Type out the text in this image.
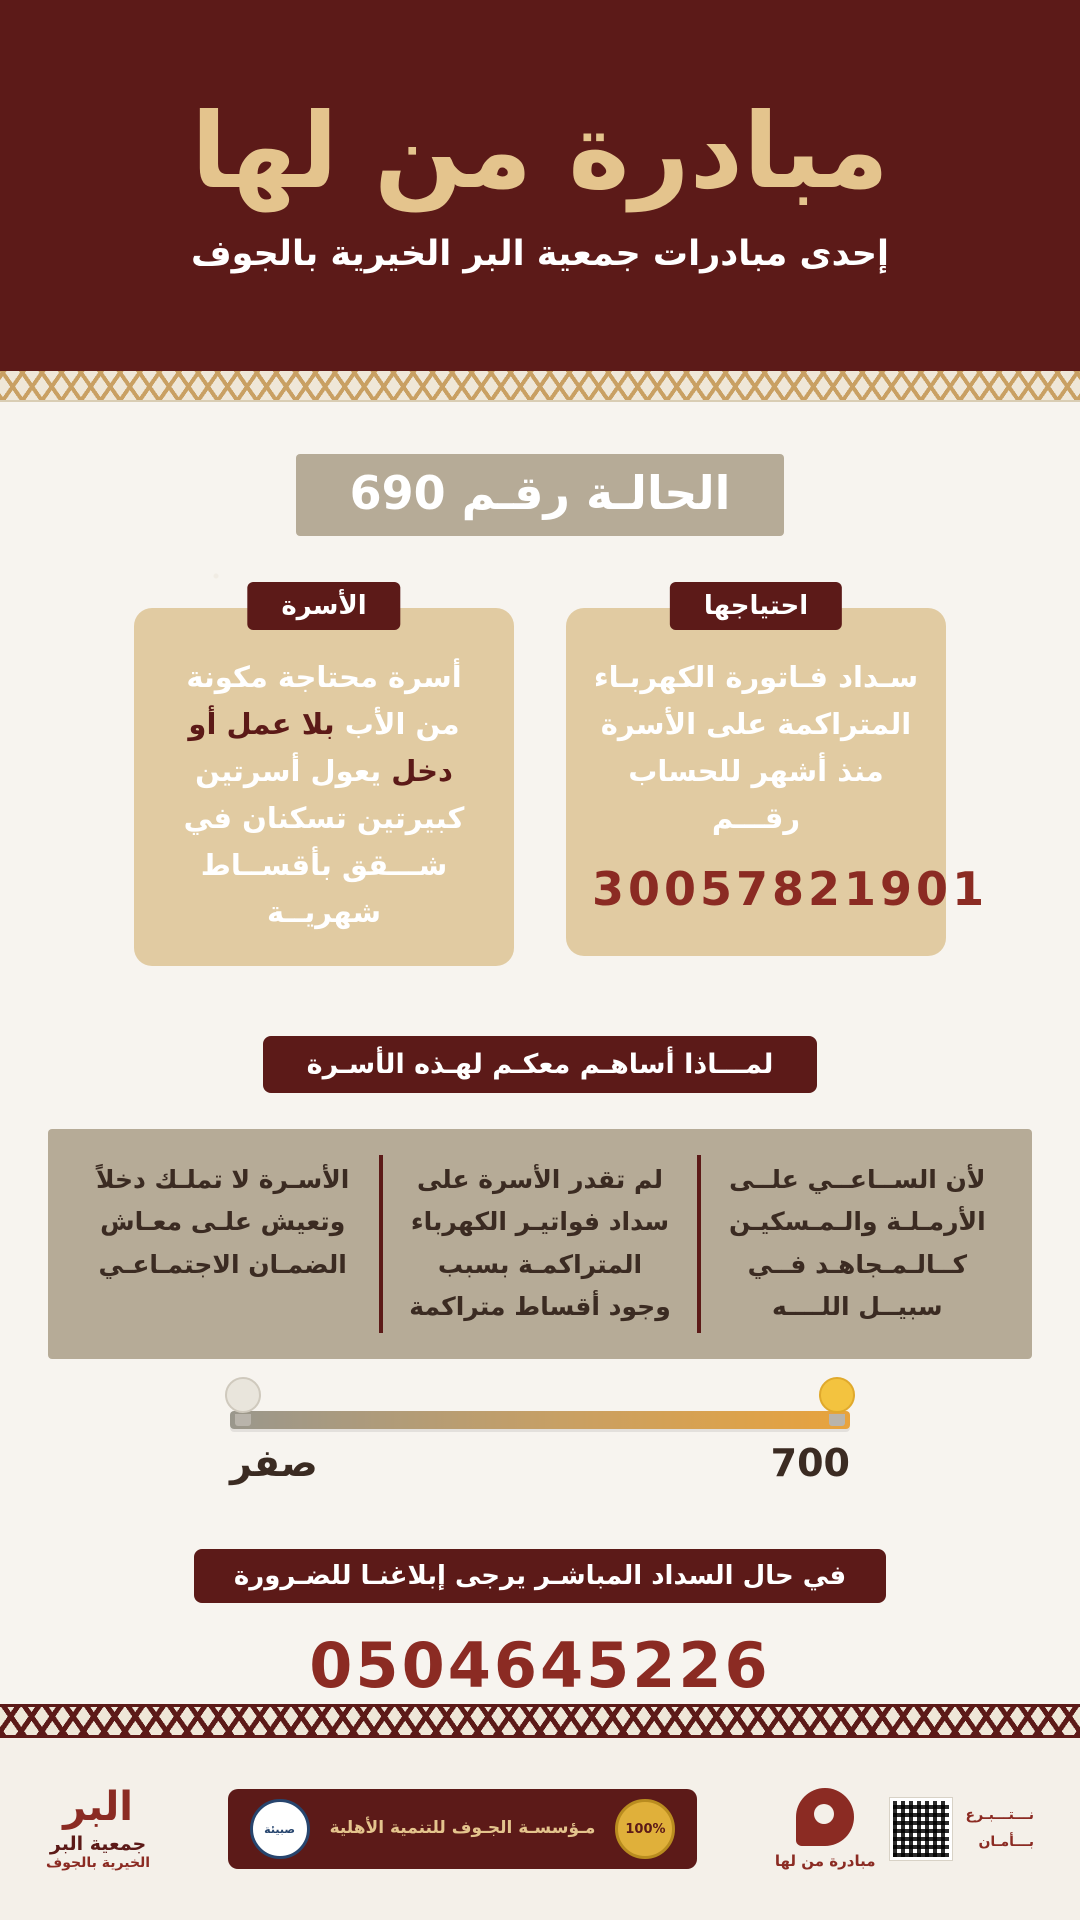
مبادرة من لها
إحدى مبادرات جمعية البر الخيرية بالجوف
الحالـة رقـم 690
احتياجها
سـداد فـاتورة الكهربـاء المتراكمة على الأسرة منذ أشهر للحساب رقـــم
30057821901
الأسرة
أسرة محتاجة مكونة من الأب بلا عمل أو دخل يعول أسرتين كبيرتين تسكنان في شـــقق بأقســاط شهريــة
لمـــاذا أساهـم معكـم لهـذه الأسـرة
لأن الســاعــي علــى الأرمـلـة والـمـسكيـن كــالـمـجاهـد فــي سبيــل اللــــه
لم تقدر الأسرة على سداد فواتيـر الكهرباء المتراكمـة بسبب وجود أقساط متراكمة
الأسـرة لا تملـك دخلاً وتعيش علـى معـاش الضمـان الاجتمـاعـي
700
صفر
في حال السداد المباشـر يرجى إبلاغنـا للضـرورة
0504645226
نـــتـــبـرع
بـــأمـان
مبادرة من لها
100%
مـؤسسـة الجـوف للتنمية الأهلية
صبيئة
البر
جمعية البر
الخيرية بالجوف
